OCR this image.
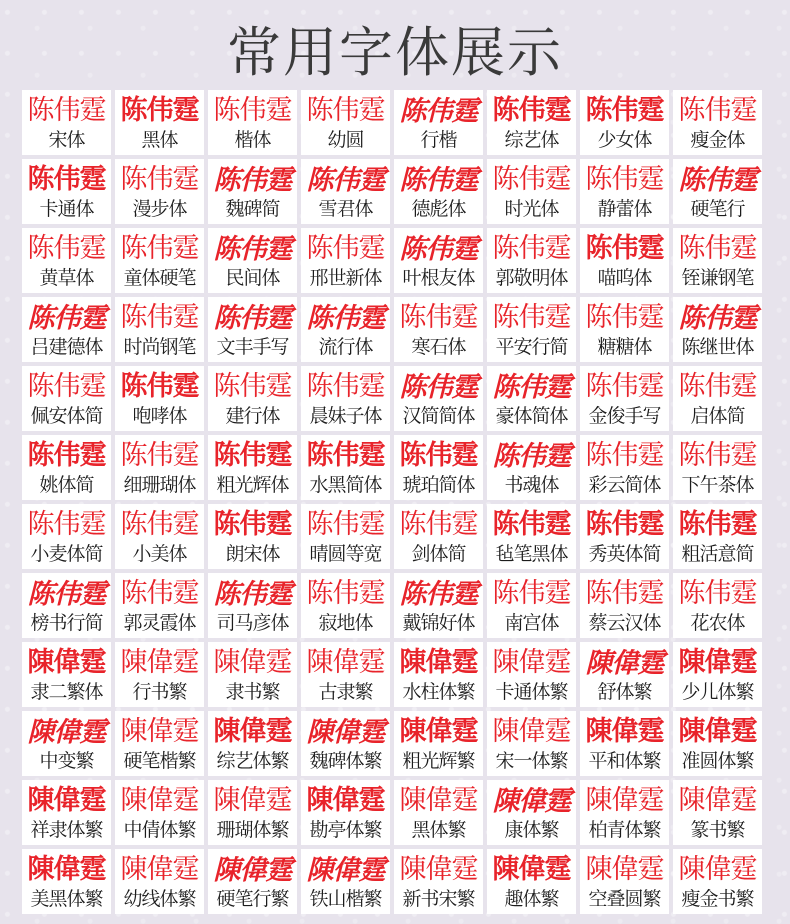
常用字体展示
陈伟霆
宋体
陈伟霆
黑体
陈伟霆
楷体
陈伟霆
幼圆
陈伟霆
行楷
陈伟霆
综艺体
陈伟霆
少女体
陈伟霆
瘦金体
陈伟霆
卡通体
陈伟霆
漫步体
陈伟霆
魏碑简
陈伟霆
雪君体
陈伟霆
德彪体
陈伟霆
时光体
陈伟霆
静蕾体
陈伟霆
硬笔行
陈伟霆
黄草体
陈伟霆
童体硬笔
陈伟霆
民间体
陈伟霆
邢世新体
陈伟霆
叶根友体
陈伟霆
郭敬明体
陈伟霆
喵呜体
陈伟霆
铚谦钢笔
陈伟霆
吕建德体
陈伟霆
时尚钢笔
陈伟霆
文丰手写
陈伟霆
流行体
陈伟霆
寒石体
陈伟霆
平安行简
陈伟霆
糖糖体
陈伟霆
陈继世体
陈伟霆
佩安体简
陈伟霆
咆哮体
陈伟霆
建行体
陈伟霆
晨妹子体
陈伟霆
汉简简体
陈伟霆
豪体简体
陈伟霆
金俊手写
陈伟霆
启体简
陈伟霆
姚体简
陈伟霆
细珊瑚体
陈伟霆
粗光辉体
陈伟霆
水黑简体
陈伟霆
琥珀简体
陈伟霆
书魂体
陈伟霆
彩云简体
陈伟霆
下午茶体
陈伟霆
小麦体简
陈伟霆
小美体
陈伟霆
朗宋体
陈伟霆
晴圆等宽
陈伟霆
剑体简
陈伟霆
毡笔黑体
陈伟霆
秀英体简
陈伟霆
粗活意简
陈伟霆
榜书行简
陈伟霆
郭灵霞体
陈伟霆
司马彦体
陈伟霆
寂地体
陈伟霆
戴锦好体
陈伟霆
南宫体
陈伟霆
蔡云汉体
陈伟霆
花农体
陳偉霆
隶二繁体
陳偉霆
行书繁
陳偉霆
隶书繁
陳偉霆
古隶繁
陳偉霆
水柱体繁
陳偉霆
卡通体繁
陳偉霆
舒体繁
陳偉霆
少儿体繁
陳偉霆
中变繁
陳偉霆
硬笔楷繁
陳偉霆
综艺体繁
陳偉霆
魏碑体繁
陳偉霆
粗光辉繁
陳偉霆
宋一体繁
陳偉霆
平和体繁
陳偉霆
准圆体繁
陳偉霆
祥隶体繁
陳偉霆
中倩体繁
陳偉霆
珊瑚体繁
陳偉霆
勘亭体繁
陳偉霆
黑体繁
陳偉霆
康体繁
陳偉霆
柏青体繁
陳偉霆
篆书繁
陳偉霆
美黑体繁
陳偉霆
幼线体繁
陳偉霆
硬笔行繁
陳偉霆
铁山楷繁
陳偉霆
新书宋繁
陳偉霆
趣体繁
陳偉霆
空叠圆繁
陳偉霆
瘦金书繁
